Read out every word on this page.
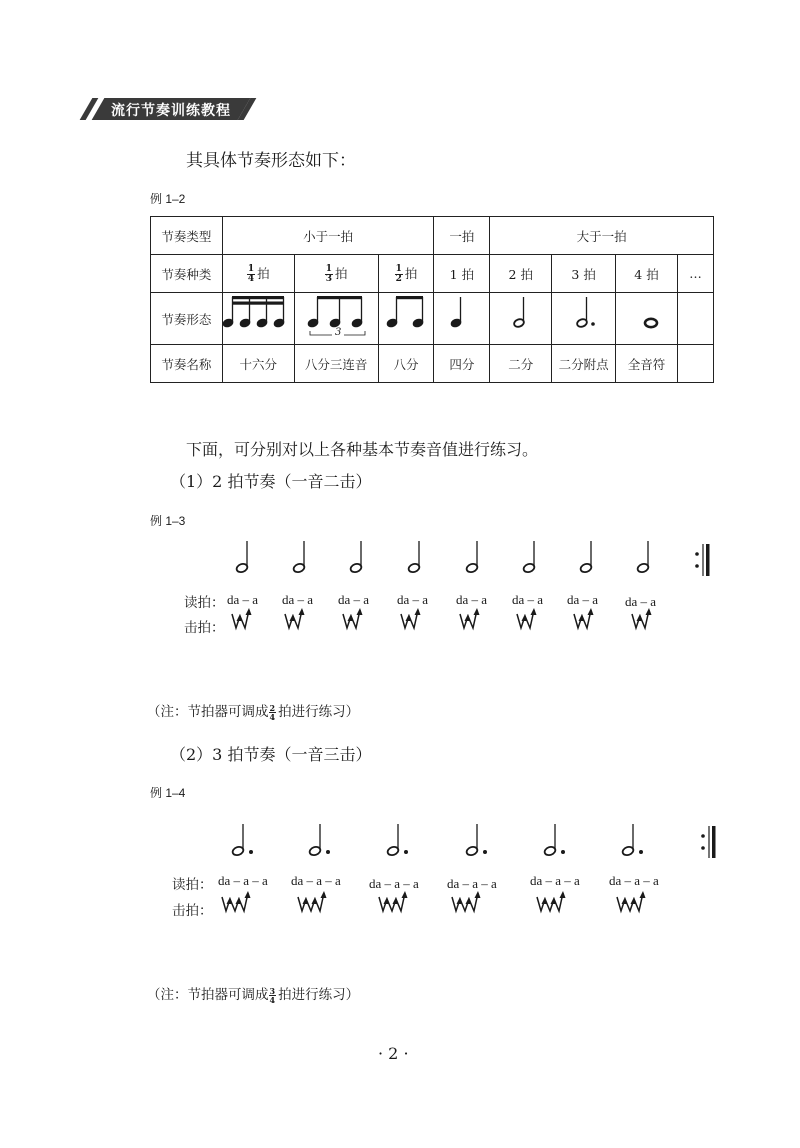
流行节奏训练教程
其具体节奏形态如下：
例 1–2
节奏类型	小于一拍			一拍	大于一拍			
节奏种类	$\frac{1}{4}$ 拍	$\frac{1}{3}$ 拍	$\frac{1}{2}$ 拍	1 拍	2 拍	3 拍	4 拍	…
节奏形态								
节奏名称	十六分	八分三连音	八分	四分	二分	二分附点	全音符	
3
下面，可分别对以上各种基本节奏音值进行练习。
（1）2 拍节奏（一音二击）
例 1–3
读拍：
击拍：
da – a da – a da – a da – a da – a da – a da – a da – a
（注：节拍器可调成 $\frac{2}{4}$ 拍进行练习）
（2）3 拍节奏（一音三击）
例 1–4
读拍：
击拍：
da – a – a da – a – a da – a – a da – a – a	da – a – a da – a – a
（注：节拍器可调成 $\frac{3}{4}$ 拍进行练习）
· 2 ·
